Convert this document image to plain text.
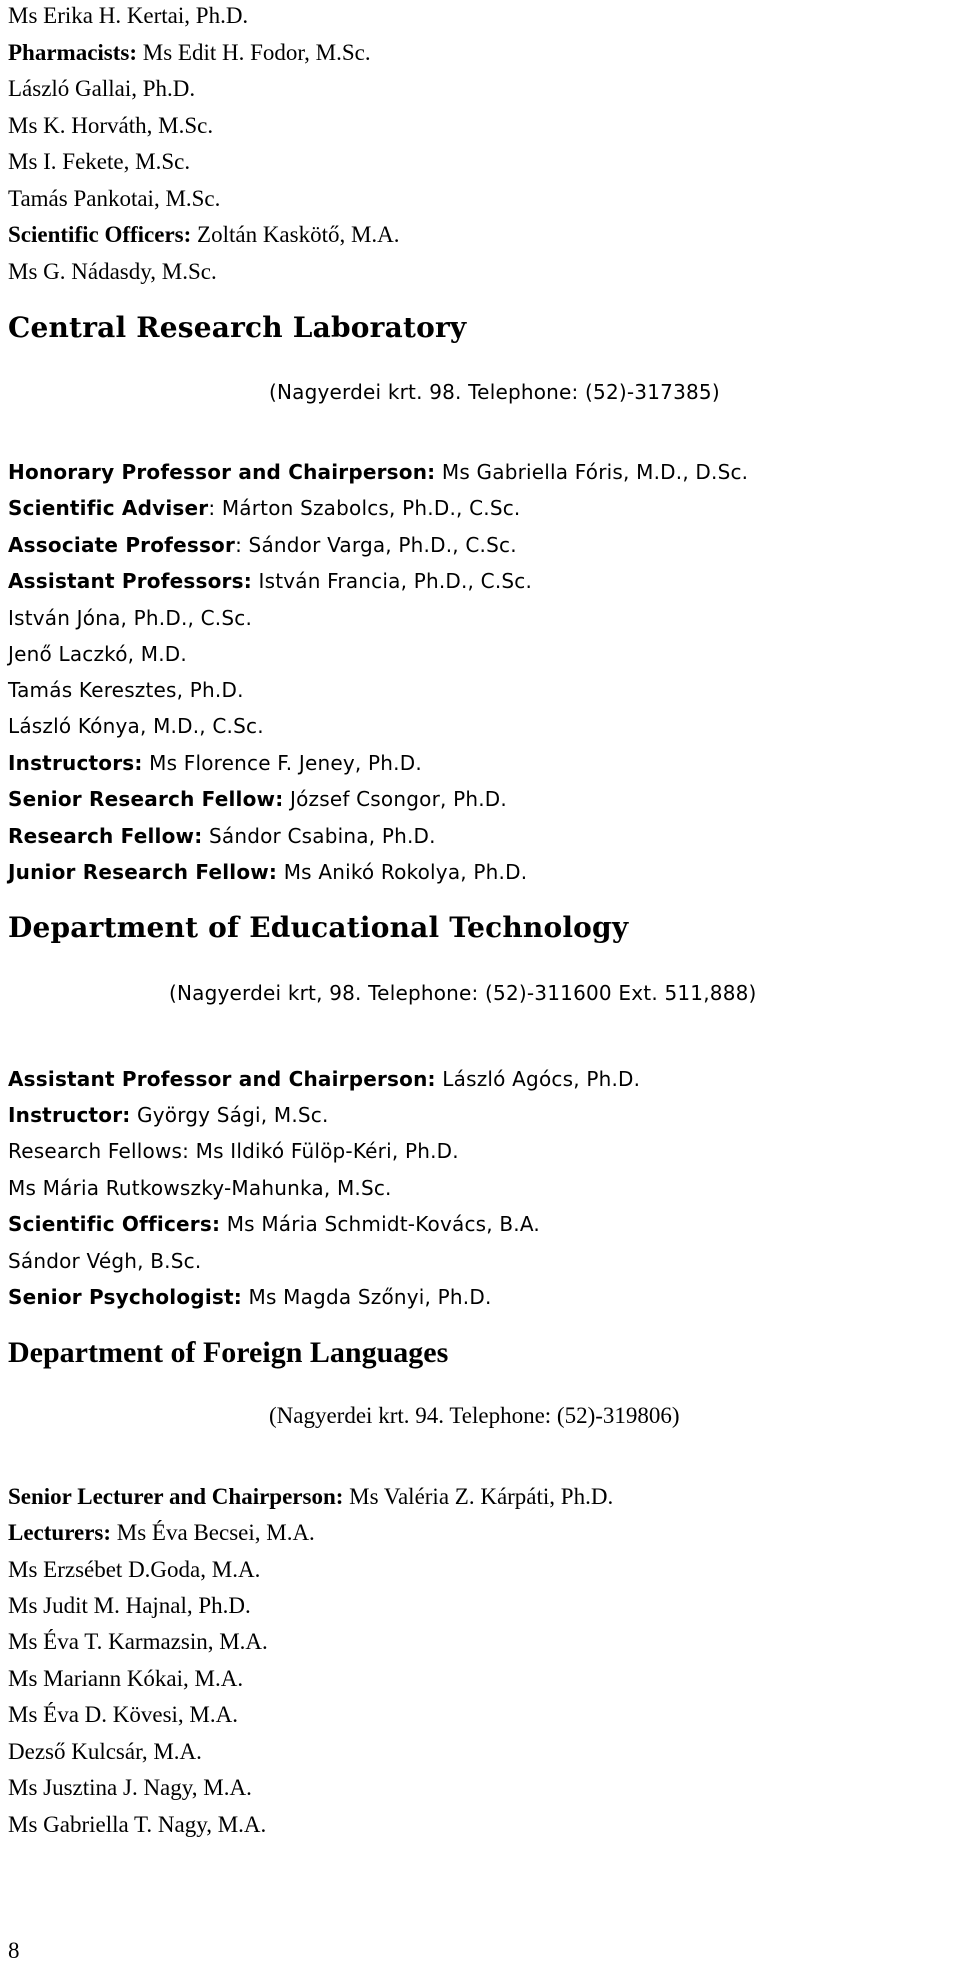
Ms Erika H. Kertai, Ph.D.
Pharmacists: Ms Edit H. Fodor, M.Sc.
László Gallai, Ph.D.
Ms K. Horváth, M.Sc.
Ms I. Fekete, M.Sc.
Tamás Pankotai, M.Sc.
Scientific Officers: Zoltán Kaskötő, M.A.
Ms G. Nádasdy, M.Sc.
Central Research Laboratory
(Nagyerdei krt. 98. Telephone: (52)-317385)
Honorary Professor and Chairperson: Ms Gabriella Fóris, M.D., D.Sc.
Scientific Adviser: Márton Szabolcs, Ph.D., C.Sc.
Associate Professor: Sándor Varga, Ph.D., C.Sc.
Assistant Professors: István Francia, Ph.D., C.Sc.
István Jóna, Ph.D., C.Sc.
Jenő Laczkó, M.D.
Tamás Keresztes, Ph.D.
László Kónya, M.D., C.Sc.
Instructors: Ms Florence F. Jeney, Ph.D.
Senior Research Fellow: József Csongor, Ph.D.
Research Fellow: Sándor Csabina, Ph.D.
Junior Research Fellow: Ms Anikó Rokolya, Ph.D.
Department of Educational Technology
(Nagyerdei krt, 98. Telephone: (52)-311600 Ext. 511,888)
Assistant Professor and Chairperson: László Agócs, Ph.D.
Instructor: György Sági, M.Sc.
Research Fellows: Ms Ildikó Fülöp-Kéri, Ph.D.
Ms Mária Rutkowszky-Mahunka, M.Sc.
Scientific Officers: Ms Mária Schmidt-Kovács, B.A.
Sándor Végh, B.Sc.
Senior Psychologist: Ms Magda Szőnyi, Ph.D.
Department of Foreign Languages
(Nagyerdei krt. 94. Telephone: (52)-319806)
Senior Lecturer and Chairperson: Ms Valéria Z. Kárpáti, Ph.D.
Lecturers: Ms Éva Becsei, M.A.
Ms Erzsébet D.Goda, M.A.
Ms Judit M. Hajnal, Ph.D.
Ms Éva T. Karmazsin, M.A.
Ms Mariann Kókai, M.A.
Ms Éva D. Kövesi, M.A.
Dezső Kulcsár, M.A.
Ms Jusztina J. Nagy, M.A.
Ms Gabriella T. Nagy, M.A.
8
